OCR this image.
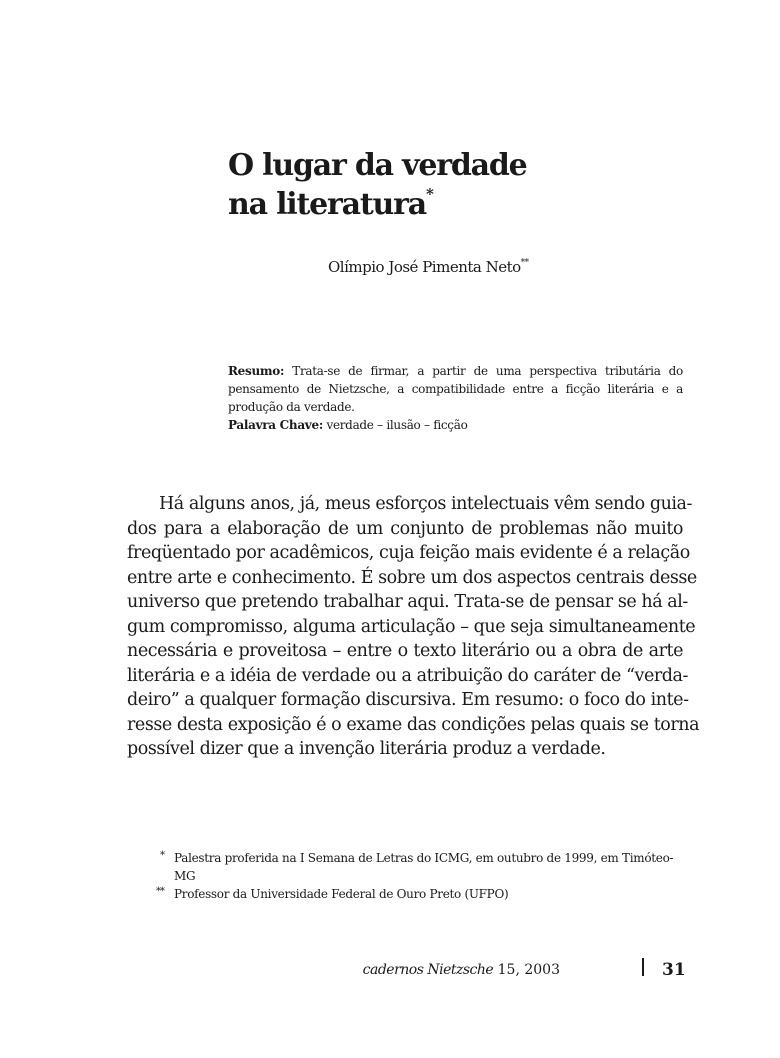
O lugar da verdade
na literatura*
Olímpio José Pimenta Neto**

Resumo: Trata-se de firmar, a partir de uma perspectiva tributária do pensamento de Nietzsche, a compatibilidade entre a ficção literária e a produção da verdade.

Palavra Chave: verdade – ilusão – ficção

Há alguns anos, já, meus esforços intelectuais vêm sendo guia-
dos para a elaboração de um conjunto de problemas não muito
freqüentado por acadêmicos, cuja feição mais evidente é a relação
entre arte e conhecimento. É sobre um dos aspectos centrais desse
universo que pretendo trabalhar aqui. Trata-se de pensar se há al-
gum compromisso, alguma articulação – que seja simultaneamente
necessária e proveitosa – entre o texto literário ou a obra de arte
literária e a idéia de verdade ou a atribuição do caráter de “verda-
deiro” a qualquer formação discursiva. Em resumo: o foco do inte-
resse desta exposição é o exame das condições pelas quais se torna
possível dizer que a invenção literária produz a verdade.
* Palestra proferida na I Semana de Letras do ICMG, em outubro de 1999, em Timóteo-MG
** Professor da Universidade Federal de Ouro Preto (UFPO)
cadernos Nietzsche 15, 2003	31
